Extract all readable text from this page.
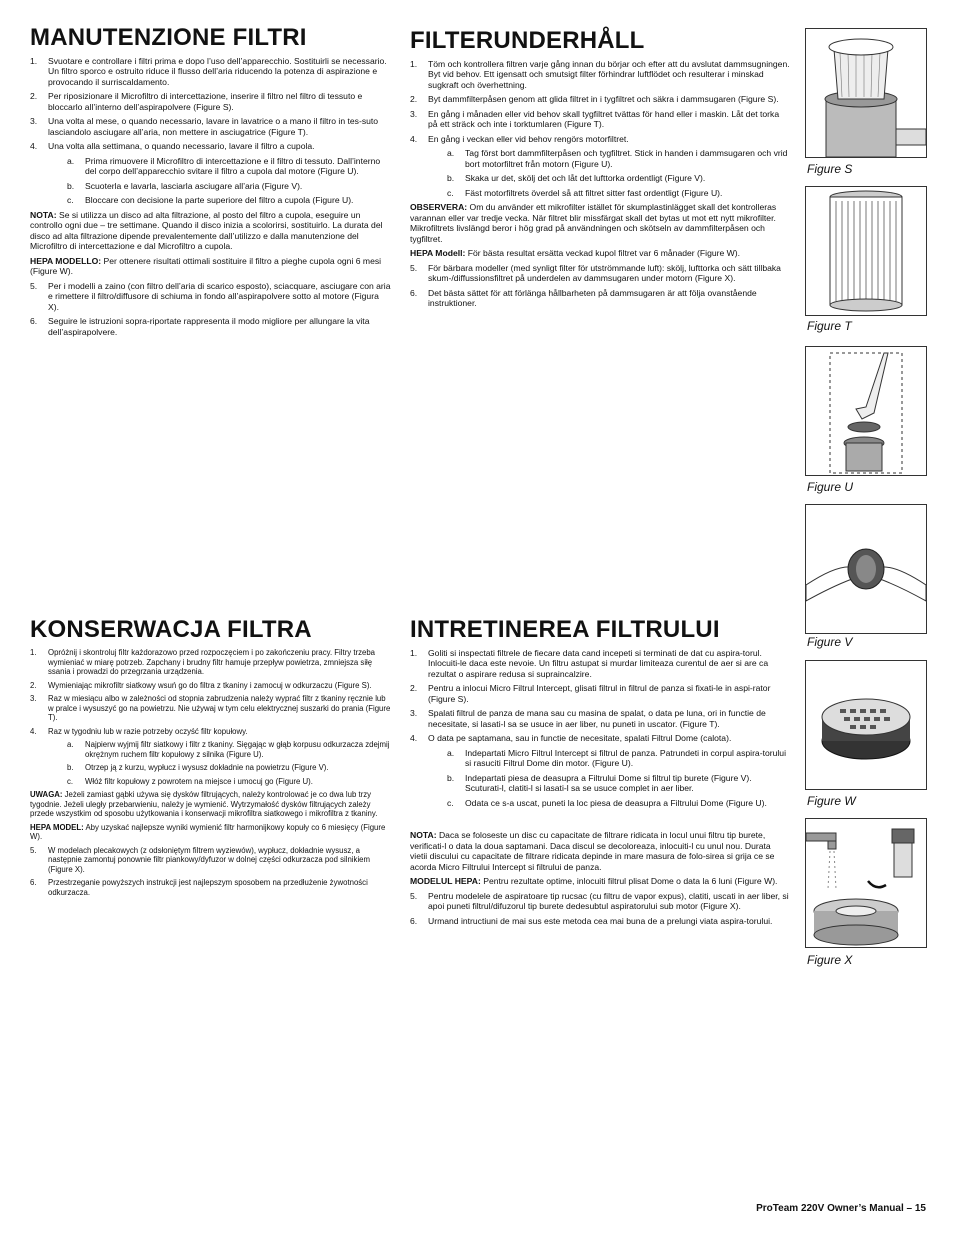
MANUTENZIONE FILTRI
1.	Svuotare e controllare i filtri prima e dopo l’uso dell’apparecchio. Sostituirli se necessario. Un filtro sporco e ostruito riduce il flusso dell’aria riducendo la potenza di aspirazione e provocando il surriscaldamento.
2.	Per riposizionare il Microfiltro di intercettazione, inserire il filtro nel filtro di tessuto e bloccarlo all’interno dell’aspirapolvere (Figure S).
3.	Una volta al mese, o quando necessario, lavare in lavatrice o a mano il filtro in tes-suto lasciandolo asciugare all’aria, non mettere in asciugatrice (Figure T).
4.	Una volta alla settimana, o quando necessario, lavare il filtro a cupola.
a.	Prima rimuovere il Microfiltro di intercettazione e il filtro di tessuto. Dall’interno del corpo dell’apparecchio svitare il filtro a cupola dal motore (Figure U).
b.	Scuoterla e lavarla, lasciarla asciugare all’aria (Figure V).
c.	Bloccare con decisione la parte superiore del filtro a cupola (Figure U).
NOTA: Se si utilizza un disco ad alta filtrazione, al posto del filtro a cupola, eseguire un controllo ogni due – tre settimane. Quando il disco inizia a scolorirsi, sostituirlo. La durata del disco ad alta filtrazione dipende prevalentemente dall’utilizzo e dalla manutenzione del Microfiltro di intercettazione e dal Microfiltro a cupola.
HEPA MODELLO: Per ottenere risultati ottimali sostituire il filtro a pieghe cupola ogni 6 mesi (Figure W).
5.	Per i modelli a zaino (con filtro dell’aria di scarico esposto), sciacquare, asciugare con aria e rimettere il filtro/diffusore di schiuma in fondo all’aspirapolvere sotto al motore (Figura X).
6.	Seguire le istruzioni sopra-riportate rappresenta il modo migliore per allungare la vita dell’aspirapolvere.
FILTERUNDERHÅLL
1.	Töm och kontrollera filtren varje gång innan du börjar och efter att du avslutat dammsugningen. Byt vid behov. Ett igensatt och smutsigt filter förhindrar luftflödet och resulterar i minskad sugkraft och överhettning.
2.	Byt dammfilterpåsen genom att glida filtret in i tygfiltret och säkra i dammsugaren (Figure S).
3.	En gång i månaden eller vid behov skall tygfiltret tvättas för hand eller i maskin. Låt det torka på ett sträck och inte i torktumlaren (Figure T).
4.	En gång i veckan eller vid behov rengörs motorfiltret.
a.	Tag först bort dammfilterpåsen och tygfiltret. Stick in handen i dammsugaren och vrid bort motorfiltret från motorn (Figure U).
b.	Skaka ur det, skölj det och låt det lufttorka ordentligt (Figure V).
c.	Fäst motorfiltrets överdel så att filtret sitter fast ordentligt (Figure U).
OBSERVERA: Om du använder ett mikrofilter istället för skumplastinlägget skall det kontrolleras varannan eller var tredje vecka. När filtret blir missfärgat skall det bytas ut mot ett nytt mikrofilter. Mikrofiltrets livslängd beror i hög grad på användningen och skötseln av dammfilterpåsen och tygfiltret.
HEPA Modell: För bästa resultat ersätta veckad kupol filtret var 6 månader (Figure W).
5.	För bärbara modeller (med synligt filter för utströmmande luft): skölj, lufttorka och sätt tillbaka skum-/diffussionsfiltret på underdelen av dammsugaren under motorn (Figure X).
6.	Det bästa sättet för att förlänga hållbarheten på dammsugaren är att följa ovanstående instruktioner.
KONSERWACJA FILTRA
1.	Opróżnij i skontroluj filtr każdorazowo przed rozpoczęciem i po zakończeniu pracy. Filtry trzeba wymieniać w miarę potrzeb. Zapchany i brudny filtr hamuje przepływ powietrza, zmniejsza siłę ssania i prowadzi do przegrzania urządzenia.
2.	Wymieniając mikrofiltr siatkowy wsuń go do filtra z tkaniny i zamocuj w odkurzaczu (Figure S).
3.	Raz w miesiącu albo w zależności od stopnia zabrudzenia należy wyprać filtr z tkaniny ręcznie lub w pralce i wysuszyć go na powietrzu. Nie używaj w tym celu elektrycznej suszarki do prania (Figure T).
4.	Raz w tygodniu lub w razie potrzeby oczyść filtr kopułowy.
a.	Najpierw wyjmij filtr siatkowy i filtr z tkaniny. Sięgając w głąb korpusu odkurzacza zdejmij okrężnym ruchem filtr kopułowy z silnika (Figure U).
b.	Otrzep ją z kurzu, wypłucz i wysusz dokładnie na powietrzu (Figure V).
c.	Włóż filtr kopułowy z powrotem na miejsce i umocuj go (Figure U).
UWAGA: Jeżeli zamiast gąbki używa się dysków filtrujących, należy kontrolować je co dwa lub trzy tygodnie. Jeżeli uległy przebarwieniu, należy je wymienić. Wytrzymałość dysków filtrujących zależy przede wszystkim od sposobu użytkowania i konserwacji mikrofiltra siatkowego i mikrofiltra z tkaniny.
HEPA MODEL: Aby uzyskać najlepsze wyniki wymienić filtr harmonijkowy kopuły co 6 miesięcy (Figure W).
5.	W modelach plecakowych (z odsłoniętym filtrem wyziewów), wypłucz, dokładnie wysusz, a następnie zamontuj ponownie filtr piankowy/dyfuzor w dolnej części odkurzacza pod silnikiem (Figure X).
6.	Przestrzeganie powyższych instrukcji jest najlepszym sposobem na przedłużenie żywotności odkurzacza.
INTRETINEREA FILTRULUI
1.	Goliti si inspectati filtrele de fiecare data cand incepeti si terminati de dat cu aspira-torul. Inlocuiti-le daca este nevoie. Un filtru astupat si murdar limiteaza curentul de aer si are ca rezultat o aspirare redusa si supraincalzire.
2.	Pentru a inlocui Micro Filtrul Intercept, glisati filtrul in filtrul de panza si fixati-le in aspi-rator (Figure S).
3.	Spalati filtrul de panza de mana sau cu masina de spalat, o data pe luna, ori in functie de necesitate, si lasati-l sa se usuce in aer liber, nu puneti in uscator. (Figure T).
4.	O data pe saptamana, sau in functie de necesitate, spalati Filtrul Dome (calota).
a.	Indepartati Micro Filtrul Intercept si filtrul de panza. Patrundeti in corpul aspira-torului si rasuciti Filtrul Dome din motor. (Figure U).
b.	Indepartati piesa de deasupra a Filtrului Dome si filtrul tip burete (Figure V). Scuturati-l, clatiti-l si lasati-l sa se usuce complet in aer liber.
c.	Odata ce s-a uscat, puneti la loc piesa de deasupra a Filtrului Dome (Figure U).
NOTA: Daca se foloseste un disc cu capacitate de filtrare ridicata in locul unui filtru tip burete, verificati-l o data la doua saptamani. Daca discul se decoloreaza, inlocuiti-l cu unul nou. Durata vietii discului cu capacitate de filtrare ridicata depinde in mare masura de folo-sirea si grija ce se acorda Micro Filtrului Intercept si filtrului de panza.
MODELUL HEPA: Pentru rezultate optime, inlocuiti filtrul plisat Dome o data la 6 luni (Figure W).
5.	Pentru modelele de aspiratoare tip rucsac (cu filtru de vapor expus), clatiti, uscati in aer liber, si apoi puneti filtrul/difuzorul tip burete dedesubtul aspiratorului sub motor (Figure X).
6.	Urmand intructiuni de mai sus este metoda cea mai buna de a prelungi viata aspira-torului.
Figure S
Figure T
Figure U
Figure V
Figure W
Figure X
ProTeam 220V Owner’s Manual – 15
